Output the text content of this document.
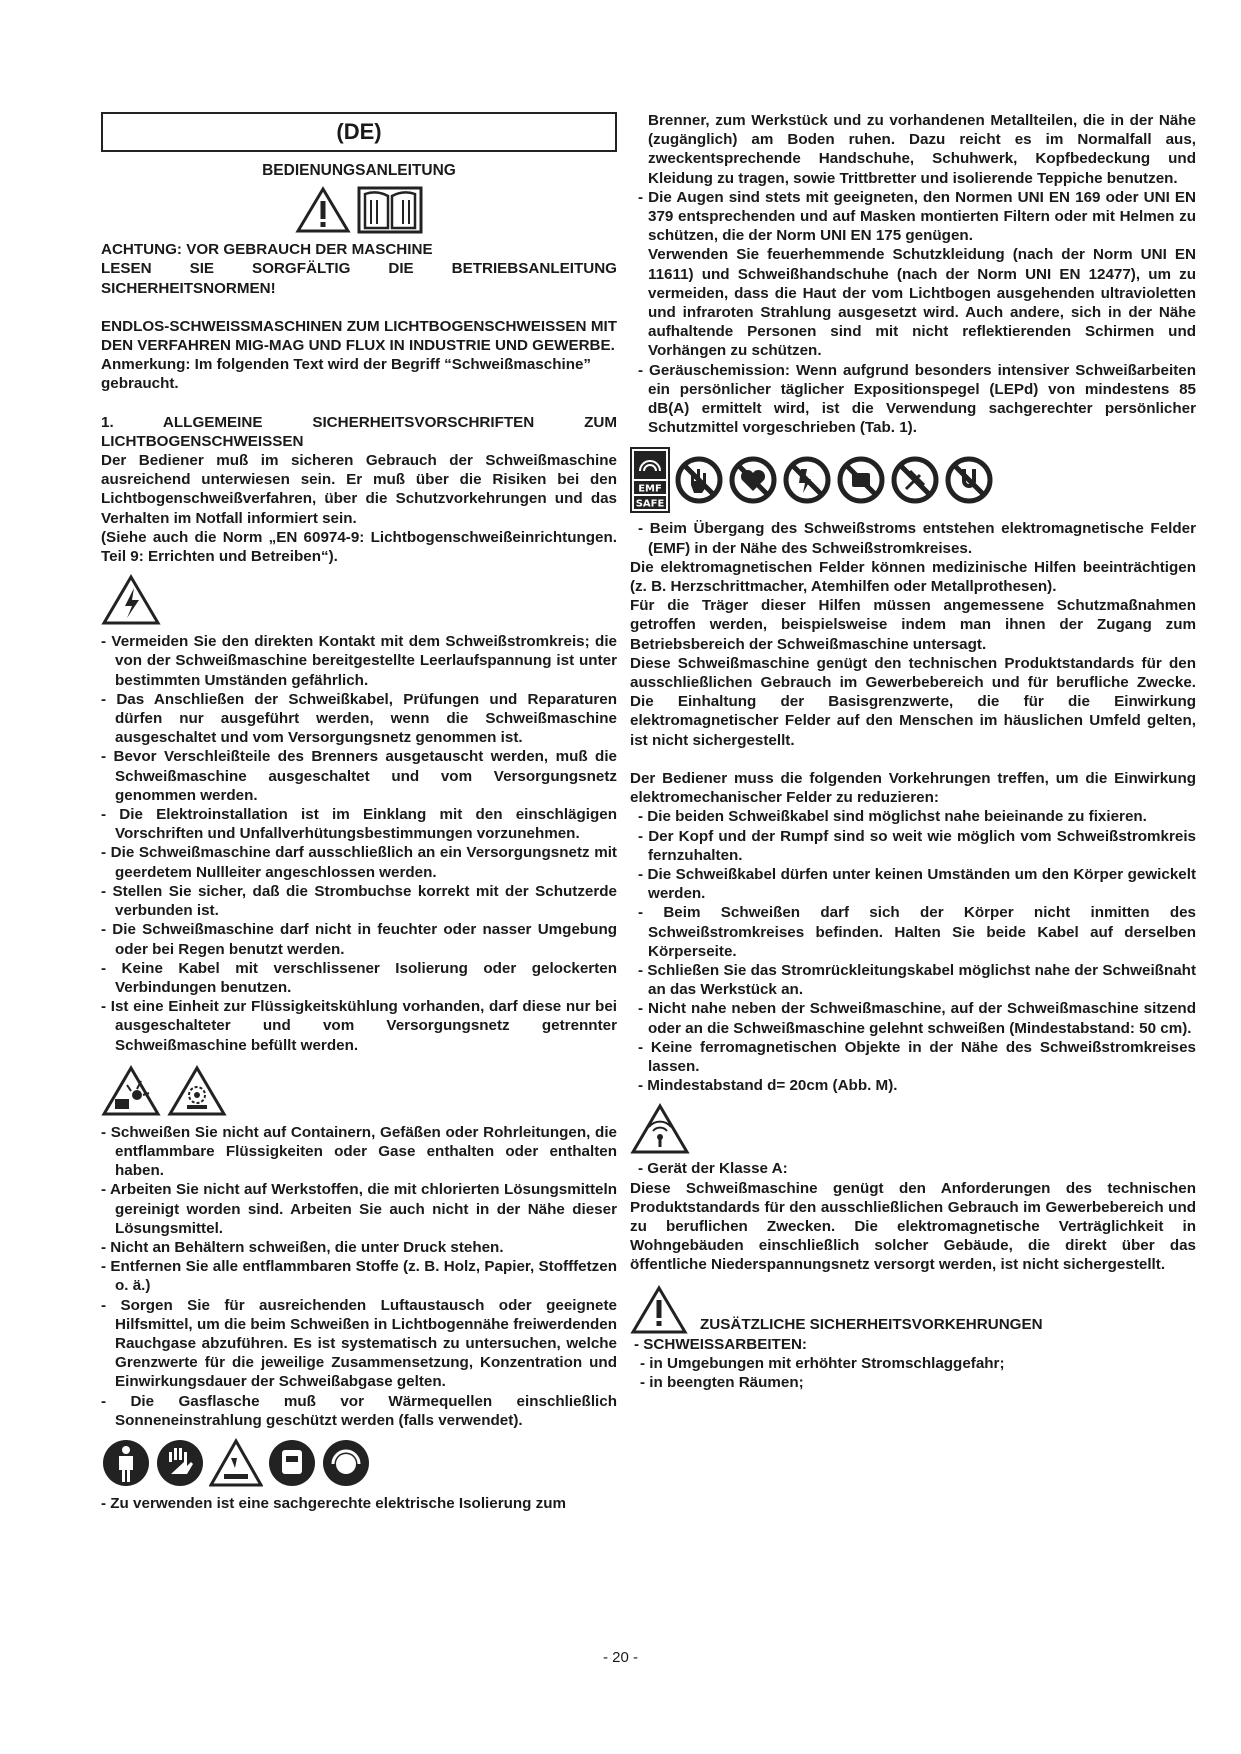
(DE)
BEDIENUNGSANLEITUNG
ACHTUNG: VOR GEBRAUCH DER MASCHINE
LESEN SIE SORGFÄLTIG DIE BETRIEBSANLEITUNG SICHERHEITSNORMEN!
ENDLOS-SCHWEISSMASCHINEN ZUM LICHTBOGENSCHWEISSEN MIT DEN VERFAHREN MIG-MAG UND FLUX IN INDUSTRIE UND GEWERBE.
Anmerkung: Im folgenden Text wird der Begriff “Schweißmaschine” gebraucht.
1. ALLGEMEINE SICHERHEITSVORSCHRIFTEN ZUM LICHTBOGENSCHWEISSEN
Der Bediener muß im sicheren Gebrauch der Schweißmaschine ausreichend unterwiesen sein. Er muß über die Risiken bei den Lichtbogenschweißverfahren, über die Schutzvorkehrungen und das Verhalten im Notfall informiert sein.
(Siehe auch die Norm „EN 60974-9: Lichtbogenschweißeinrichtungen. Teil 9: Errichten und Betreiben“).
- Vermeiden Sie den direkten Kontakt mit dem Schweißstromkreis; die von der Schweißmaschine bereitgestellte Leerlaufspannung ist unter bestimmten Umständen gefährlich.
- Das Anschließen der Schweißkabel, Prüfungen und Reparaturen dürfen nur ausgeführt werden, wenn die Schweißmaschine ausgeschaltet und vom Versorgungsnetz genommen ist.
- Bevor Verschleißteile des Brenners ausgetauscht werden, muß die Schweißmaschine ausgeschaltet und vom Versorgungsnetz genommen werden.
- Die Elektroinstallation ist im Einklang mit den einschlägigen Vorschriften und Unfallverhütungsbestimmungen vorzunehmen.
- Die Schweißmaschine darf ausschließlich an ein Versorgungsnetz mit geerdetem Nullleiter angeschlossen werden.
- Stellen Sie sicher, daß die Strombuchse korrekt mit der Schutzerde verbunden ist.
- Die Schweißmaschine darf nicht in feuchter oder nasser Umgebung oder bei Regen benutzt werden.
- Keine Kabel mit verschlissener Isolierung oder gelockerten Verbindungen benutzen.
- Ist eine Einheit zur Flüssigkeitskühlung vorhanden, darf diese nur bei ausgeschalteter und vom Versorgungsnetz getrennter Schweißmaschine befüllt werden.
- Schweißen Sie nicht auf Containern, Gefäßen oder Rohrleitungen, die entflammbare Flüssigkeiten oder Gase enthalten oder enthalten haben.
- Arbeiten Sie nicht auf Werkstoffen, die mit chlorierten Lösungsmitteln gereinigt worden sind. Arbeiten Sie auch nicht in der Nähe dieser Lösungsmittel.
- Nicht an Behältern schweißen, die unter Druck stehen.
- Entfernen Sie alle entflammbaren Stoffe (z. B. Holz, Papier, Stofffetzen o. ä.)
- Sorgen Sie für ausreichenden Luftaustausch oder geeignete Hilfsmittel, um die beim Schweißen in Lichtbogennähe freiwerdenden Rauchgase abzuführen. Es ist systematisch zu untersuchen, welche Grenzwerte für die jeweilige Zusammensetzung, Konzentration und Einwirkungsdauer der Schweißabgase gelten.
- Die Gasflasche muß vor Wärmequellen einschließlich Sonneneinstrahlung geschützt werden (falls verwendet).
- Zu verwenden ist eine sachgerechte elektrische Isolierung zum
Brenner, zum Werkstück und zu vorhandenen Metallteilen, die in der Nähe (zugänglich) am Boden ruhen. Dazu reicht es im Normalfall aus, zweckentsprechende Handschuhe, Schuhwerk, Kopfbedeckung und Kleidung zu tragen, sowie Trittbretter und isolierende Teppiche benutzen.
- Die Augen sind stets mit geeigneten, den Normen UNI EN 169 oder UNI EN 379 entsprechenden und auf Masken montierten Filtern oder mit Helmen zu schützen, die der Norm UNI EN 175 genügen.
Verwenden Sie feuerhemmende Schutzkleidung (nach der Norm UNI EN 11611) und Schweißhandschuhe (nach der Norm UNI EN 12477), um zu vermeiden, dass die Haut der vom Lichtbogen ausgehenden ultravioletten und infraroten Strahlung ausgesetzt wird. Auch andere, sich in der Nähe aufhaltende Personen sind mit nicht reflektierenden Schirmen und Vorhängen zu schützen.
- Geräuschemission: Wenn aufgrund besonders intensiver Schweißarbeiten ein persönlicher täglicher Expositionspegel (LEPd) von mindestens 85 dB(A) ermittelt wird, ist die Verwendung sachgerechter persönlicher Schutzmittel vorgeschrieben (Tab. 1).
EMF
SAFE
- Beim Übergang des Schweißstroms entstehen elektromagnetische Felder (EMF) in der Nähe des Schweißstromkreises.
Die elektromagnetischen Felder können medizinische Hilfen beeinträchtigen (z. B. Herzschrittmacher, Atemhilfen oder Metallprothesen).
Für die Träger dieser Hilfen müssen angemessene Schutzmaßnahmen getroffen werden, beispielsweise indem man ihnen der Zugang zum Betriebsbereich der Schweißmaschine untersagt.
Diese Schweißmaschine genügt den technischen Produktstandards für den ausschließlichen Gebrauch im Gewerbebereich und für berufliche Zwecke. Die Einhaltung der Basisgrenzwerte, die für die Einwirkung elektromagnetischer Felder auf den Menschen im häuslichen Umfeld gelten, ist nicht sichergestellt.
Der Bediener muss die folgenden Vorkehrungen treffen, um die Einwirkung elektromechanischer Felder zu reduzieren:
- Die beiden Schweißkabel sind möglichst nahe beieinande zu fixieren.
- Der Kopf und der Rumpf sind so weit wie möglich vom Schweißstromkreis fernzuhalten.
- Die Schweißkabel dürfen unter keinen Umständen um den Körper gewickelt werden.
- Beim Schweißen darf sich der Körper nicht inmitten des Schweißstromkreises befinden. Halten Sie beide Kabel auf derselben Körperseite.
- Schließen Sie das Stromrückleitungskabel möglichst nahe der Schweißnaht an das Werkstück an.
- Nicht nahe neben der Schweißmaschine, auf der Schweißmaschine sitzend oder an die Schweißmaschine gelehnt schweißen (Mindestabstand: 50 cm).
- Keine ferromagnetischen Objekte in der Nähe des Schweißstromkreises lassen.
- Mindestabstand d= 20cm (Abb. M).
- Gerät der Klasse A:
Diese Schweißmaschine genügt den Anforderungen des technischen Produktstandards für den ausschließlichen Gebrauch im Gewerbebereich und zu beruflichen Zwecken. Die elektromagnetische Verträglichkeit in Wohngebäuden einschließlich solcher Gebäude, die direkt über das öffentliche Niederspannungsnetz versorgt werden, ist nicht sichergestellt.
ZUSÄTZLICHE SICHERHEITSVORKEHRUNGEN
- SCHWEISSARBEITEN:
- in Umgebungen mit erhöhter Stromschlaggefahr;
- in beengten Räumen;
- 20 -
